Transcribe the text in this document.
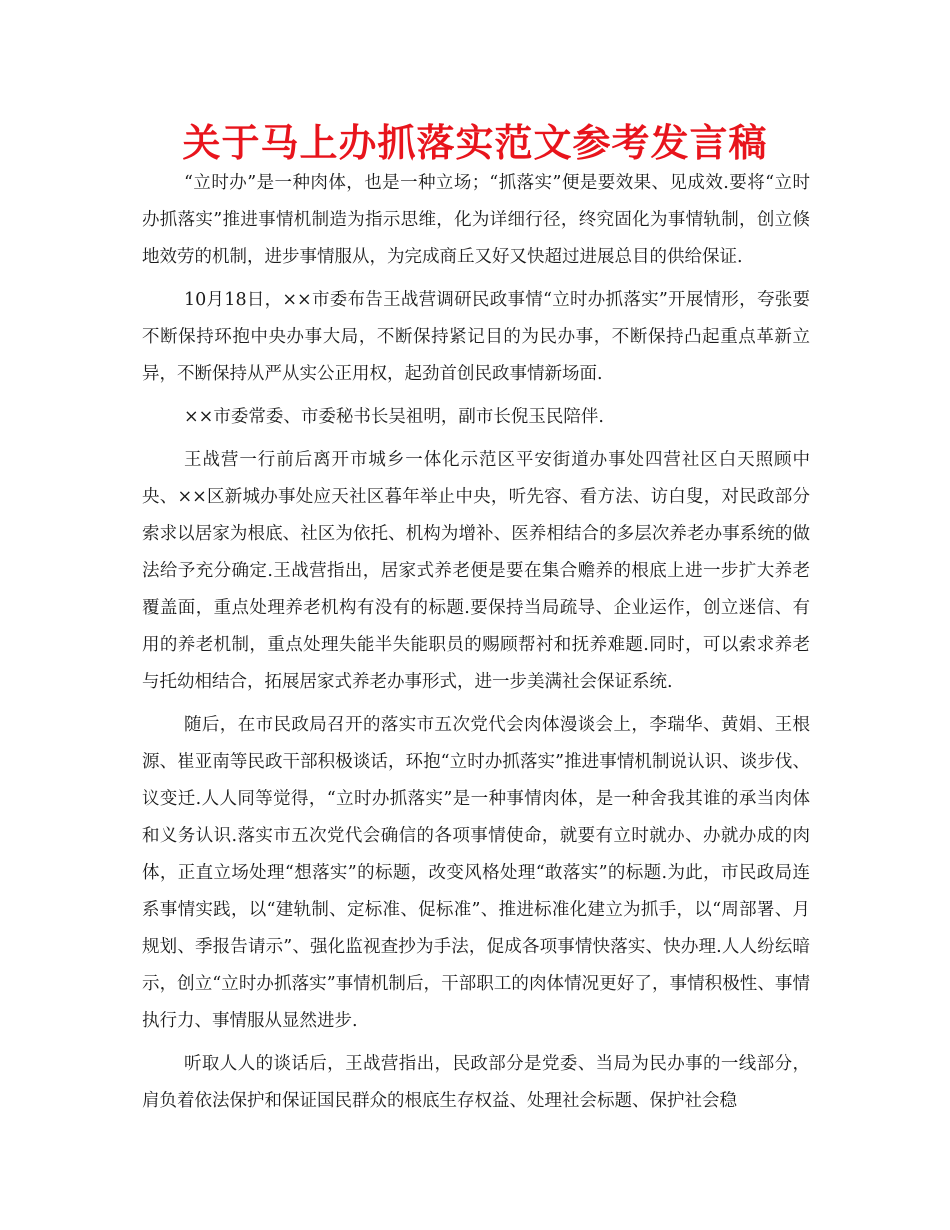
关于马上办抓落实范文参考发言稿

“立时办”是一种肉体，也是一种立场；“抓落实”便是要效果、见成效.要将“立时办抓落实”推进事情机制造为指示思维，化为详细行径，终究固化为事情轨制，创立倏地效劳的机制，进步事情服从，为完成商丘又好又快超过进展总目的供给保证.

10月18日，××市委布告王战营调研民政事情“立时办抓落实”开展情形，夸张要不断保持环抱中央办事大局，不断保持紧记目的为民办事，不断保持凸起重点革新立异，不断保持从严从实公正用权，起劲首创民政事情新场面.

××市委常委、市委秘书长吴祖明，副市长倪玉民陪伴.

王战营一行前后离开市城乡一体化示范区平安街道办事处四营社区白天照顾中央、××区新城办事处应天社区暮年举止中央，听先容、看方法、访白叟，对民政部分索求以居家为根底、社区为依托、机构为增补、医养相结合的多层次养老办事系统的做法给予充分确定.王战营指出，居家式养老便是要在集合赡养的根底上进一步扩大养老覆盖面，重点处理养老机构有没有的标题.要保持当局疏导、企业运作，创立迷信、有用的养老机制，重点处理失能半失能职员的赐顾帮衬和抚养难题.同时，可以索求养老与托幼相结合，拓展居家式养老办事形式，进一步美满社会保证系统.

随后，在市民政局召开的落实市五次党代会肉体漫谈会上，李瑞华、黄娟、王根源、崔亚南等民政干部积极谈话，环抱“立时办抓落实”推进事情机制说认识、谈步伐、议变迁.人人同等觉得，“立时办抓落实”是一种事情肉体，是一种舍我其谁的承当肉体和义务认识.落实市五次党代会确信的各项事情使命，就要有立时就办、办就办成的肉体，正直立场处理“想落实”的标题，改变风格处理“敢落实”的标题.为此，市民政局连系事情实践，以“建轨制、定标准、促标准”、推进标准化建立为抓手，以“周部署、月规划、季报告请示”、强化监视查抄为手法，促成各项事情快落实、快办理.人人纷纭暗示，创立“立时办抓落实”事情机制后，干部职工的肉体情况更好了，事情积极性、事情执行力、事情服从显然进步.

听取人人的谈话后，王战营指出，民政部分是党委、当局为民办事的一线部分，肩负着依法保护和保证国民群众的根底生存权益、处理社会标题、保护社会稳
